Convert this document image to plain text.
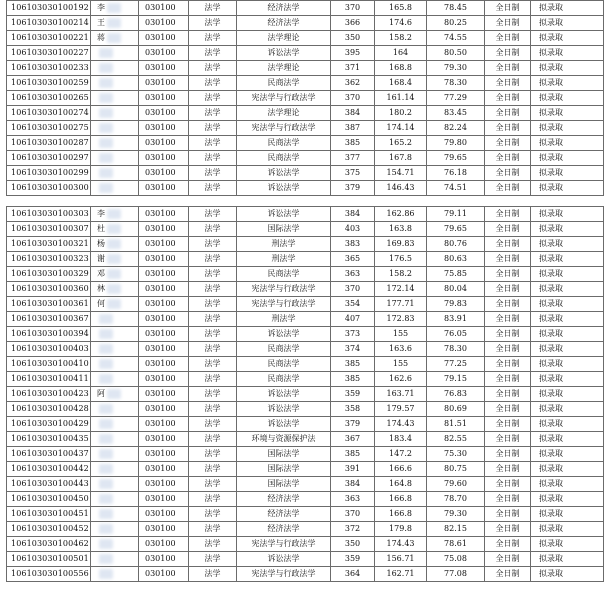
106103030100192	李	030100	法学	经济法学	370	165.8	78.45	全日制	拟录取
106103030100214	王	030100	法学	经济法学	366	174.6	80.25	全日制	拟录取
106103030100221	蒋	030100	法学	法学理论	350	158.2	74.55	全日制	拟录取
106103030100227		030100	法学	诉讼法学	395	164	80.50	全日制	拟录取
106103030100233		030100	法学	法学理论	371	168.8	79.30	全日制	拟录取
106103030100259		030100	法学	民商法学	362	168.4	78.30	全日制	拟录取
106103030100265		030100	法学	宪法学与行政法学	370	161.14	77.29	全日制	拟录取
106103030100274		030100	法学	法学理论	384	180.2	83.45	全日制	拟录取
106103030100275		030100	法学	宪法学与行政法学	387	174.14	82.24	全日制	拟录取
106103030100287		030100	法学	民商法学	385	165.2	79.80	全日制	拟录取
106103030100297		030100	法学	民商法学	377	167.8	79.65	全日制	拟录取
106103030100299		030100	法学	诉讼法学	375	154.71	76.18	全日制	拟录取
106103030100300		030100	法学	诉讼法学	379	146.43	74.51	全日制	拟录取
106103030100303	李	030100	法学	诉讼法学	384	162.86	79.11	全日制	拟录取
106103030100307	杜	030100	法学	国际法学	403	163.8	79.65	全日制	拟录取
106103030100321	杨	030100	法学	刑法学	383	169.83	80.76	全日制	拟录取
106103030100323	谢	030100	法学	刑法学	365	176.5	80.63	全日制	拟录取
106103030100329	邓	030100	法学	民商法学	363	158.2	75.85	全日制	拟录取
106103030100360	林	030100	法学	宪法学与行政法学	370	172.14	80.04	全日制	拟录取
106103030100361	何	030100	法学	宪法学与行政法学	354	177.71	79.83	全日制	拟录取
106103030100367		030100	法学	刑法学	407	172.83	83.91	全日制	拟录取
106103030100394		030100	法学	诉讼法学	373	155	76.05	全日制	拟录取
106103030100403		030100	法学	民商法学	374	163.6	78.30	全日制	拟录取
106103030100410		030100	法学	民商法学	385	155	77.25	全日制	拟录取
106103030100411		030100	法学	民商法学	385	162.6	79.15	全日制	拟录取
106103030100423	阿	030100	法学	诉讼法学	359	163.71	76.83	全日制	拟录取
106103030100428		030100	法学	诉讼法学	358	179.57	80.69	全日制	拟录取
106103030100429		030100	法学	诉讼法学	379	174.43	81.51	全日制	拟录取
106103030100435		030100	法学	环境与资源保护法	367	183.4	82.55	全日制	拟录取
106103030100437		030100	法学	国际法学	385	147.2	75.30	全日制	拟录取
106103030100442		030100	法学	国际法学	391	166.6	80.75	全日制	拟录取
106103030100443		030100	法学	国际法学	384	164.8	79.60	全日制	拟录取
106103030100450		030100	法学	经济法学	363	166.8	78.70	全日制	拟录取
106103030100451		030100	法学	经济法学	370	166.8	79.30	全日制	拟录取
106103030100452		030100	法学	经济法学	372	179.8	82.15	全日制	拟录取
106103030100462		030100	法学	宪法学与行政法学	350	174.43	78.61	全日制	拟录取
106103030100501		030100	法学	诉讼法学	359	156.71	75.08	全日制	拟录取
106103030100556		030100	法学	宪法学与行政法学	364	162.71	77.08	全日制	拟录取
